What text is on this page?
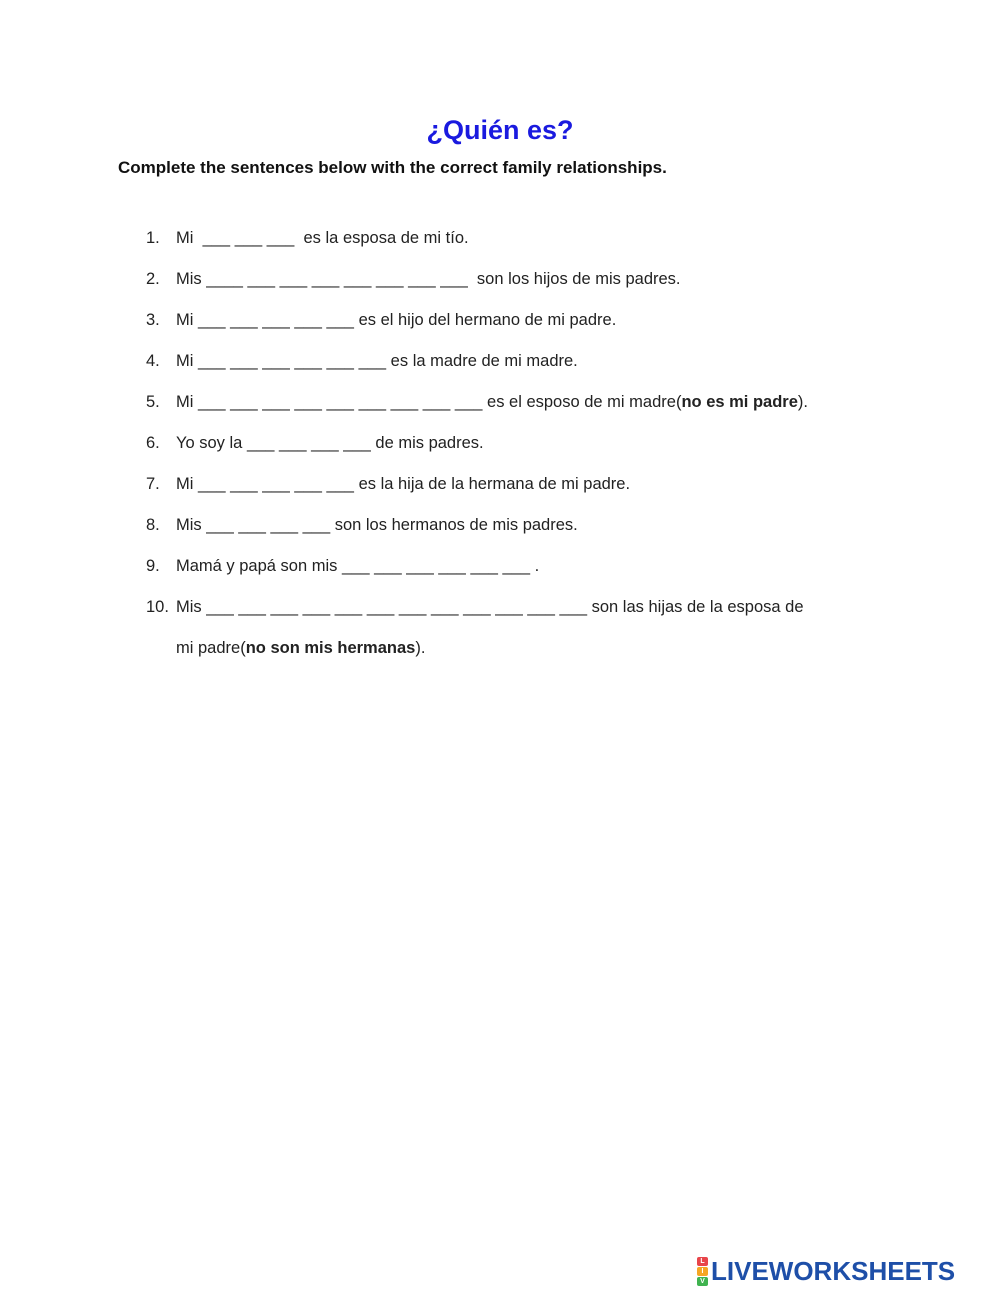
¿Quién es?
Complete the sentences below with the correct family relationships.
1. Mi  ___ ___ ___  es la esposa de mi tío.
2. Mis ____ ___ ___ ___ ___ ___ ___ ___  son los hijos de mis padres.
3. Mi ___ ___ ___ ___ ___ es el hijo del hermano de mi padre.
4. Mi ___ ___ ___ ___ ___ ___ es la madre de mi madre.
5. Mi ___ ___ ___ ___ ___ ___ ___ ___ ___ es el esposo de mi madre(no es mi padre).
6. Yo soy la ___ ___ ___ ___ de mis padres.
7. Mi ___ ___ ___ ___ ___ es la hija de la hermana de mi padre.
8. Mis ___ ___ ___ ___ son los hermanos de mis padres.
9. Mamá y papá son mis ___ ___ ___ ___ ___ ___ .
10. Mis ___ ___ ___ ___ ___ ___ ___ ___ ___ ___ ___ ___ son las hijas de la esposa de
mi padre(no son mis hermanas).
L
I
V LIVEWORKSHEETS
